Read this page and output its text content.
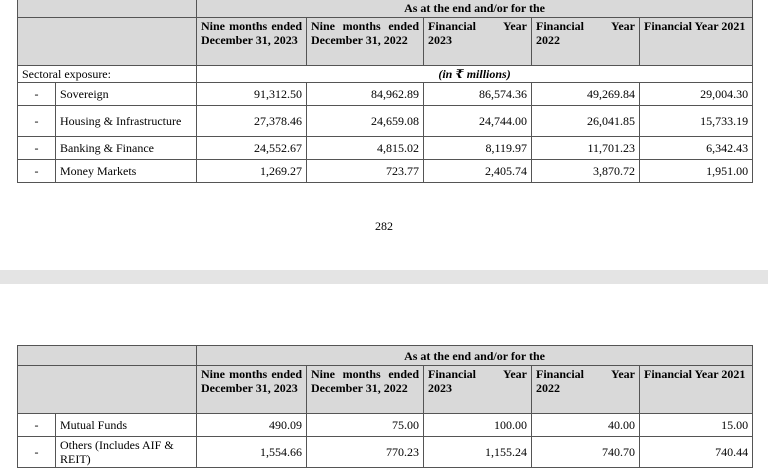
		As at the end and/or for the				
		Nine months ended December 31, 2023	Nine months ended December 31, 2022	Financial Year 2023	Financial Year 2022	Financial Year 2021
Sectoral exposure:		(in ₹ millions)				
-	Sovereign	91,312.50	84,962.89	86,574.36	49,269.84	29,004.30
-	Housing & Infrastructure	27,378.46	24,659.08	24,744.00	26,041.85	15,733.19
-	Banking & Finance	24,552.67	4,815.02	8,119.97	11,701.23	6,342.43
-	Money Markets	1,269.27	723.77	2,405.74	3,870.72	1,951.00
282
		As at the end and/or for the				
		Nine months ended December 31, 2023	Nine months ended December 31, 2022	Financial Year 2023	Financial Year 2022	Financial Year 2021
-	Mutual Funds	490.09	75.00	100.00	40.00	15.00
-	Others (Includes AIF & REIT)	1,554.66	770.23	1,155.24	740.70	740.44
